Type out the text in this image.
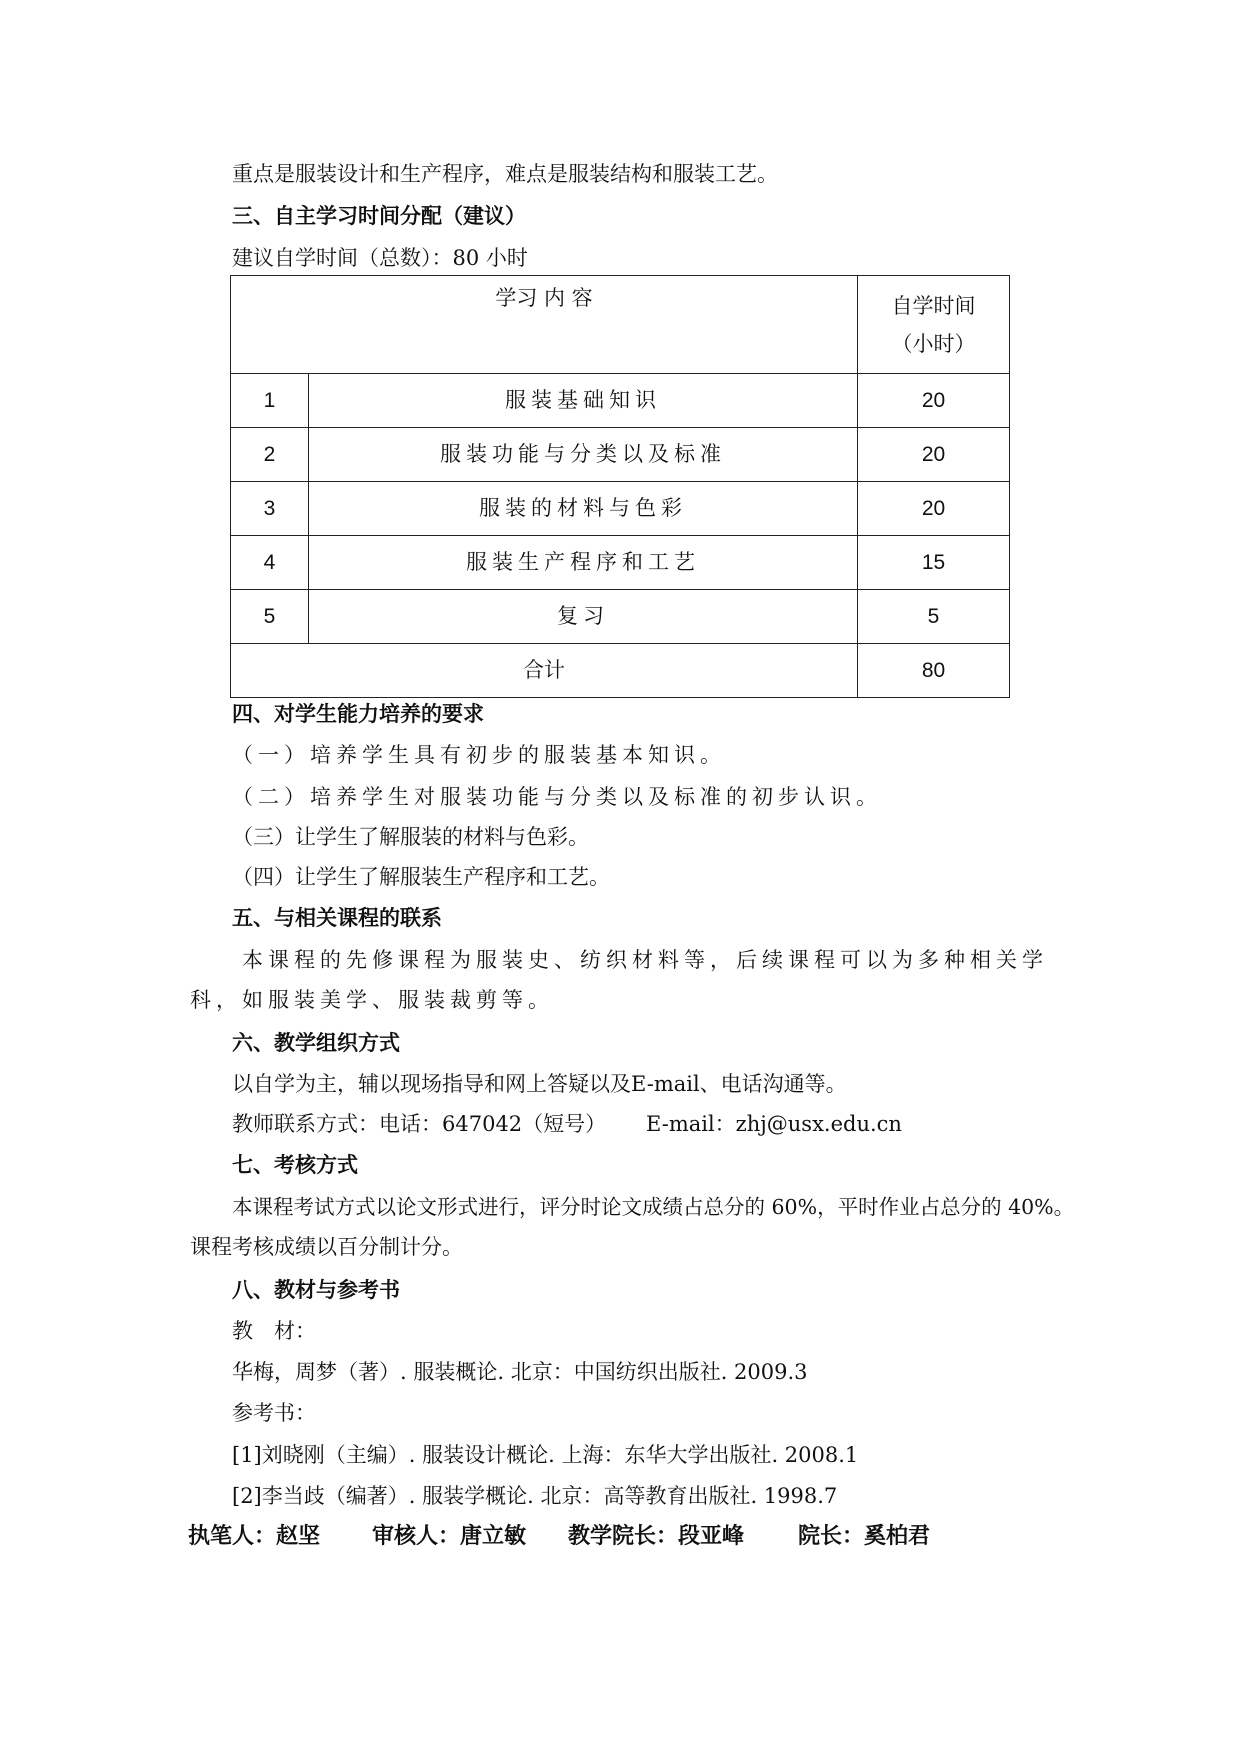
重点是服装设计和生产程序，难点是服装结构和服装工艺。
三、自主学习时间分配（建议）
建议自学时间（总数）：80 小时
学习 内 容		自学时间
（小时）

1	服装基础知识	20
2	服装功能与分类以及标准	20
3	服装的材料与色彩	20
4	服装生产程序和工艺	15
5	复习	5
合计		80
四、对学生能力培养的要求
（一）培养学生具有初步的服装基本知识。
（二）培养学生对服装功能与分类以及标准的初步认识。
（三）让学生了解服装的材料与色彩。
（四）让学生了解服装生产程序和工艺。
五、与相关课程的联系
本课程的先修课程为服装史、纺织材料等，后续课程可以为多种相关学
科，如服装美学、服装裁剪等。
六、教学组织方式
以自学为主，辅以现场指导和网上答疑以及E-mail、电话沟通等。
教师联系方式：电话：647042（短号） E-mail：zhj@usx.edu.cn
七、考核方式
本课程考试方式以论文形式进行，评分时论文成绩占总分的 60%，平时作业占总分的 40%。
课程考核成绩以百分制计分。
八、教材与参考书
教　材：
华梅，周梦（著）. 服装概论. 北京：中国纺织出版社. 2009.3
参考书：
[1]刘晓刚（主编）. 服装设计概论. 上海：东华大学出版社. 2008.1
[2]李当歧（编著）. 服装学概论. 北京：高等教育出版社. 1998.7
执笔人：赵坚 审核人：唐立敏 教学院长：段亚峰 院长：奚柏君
